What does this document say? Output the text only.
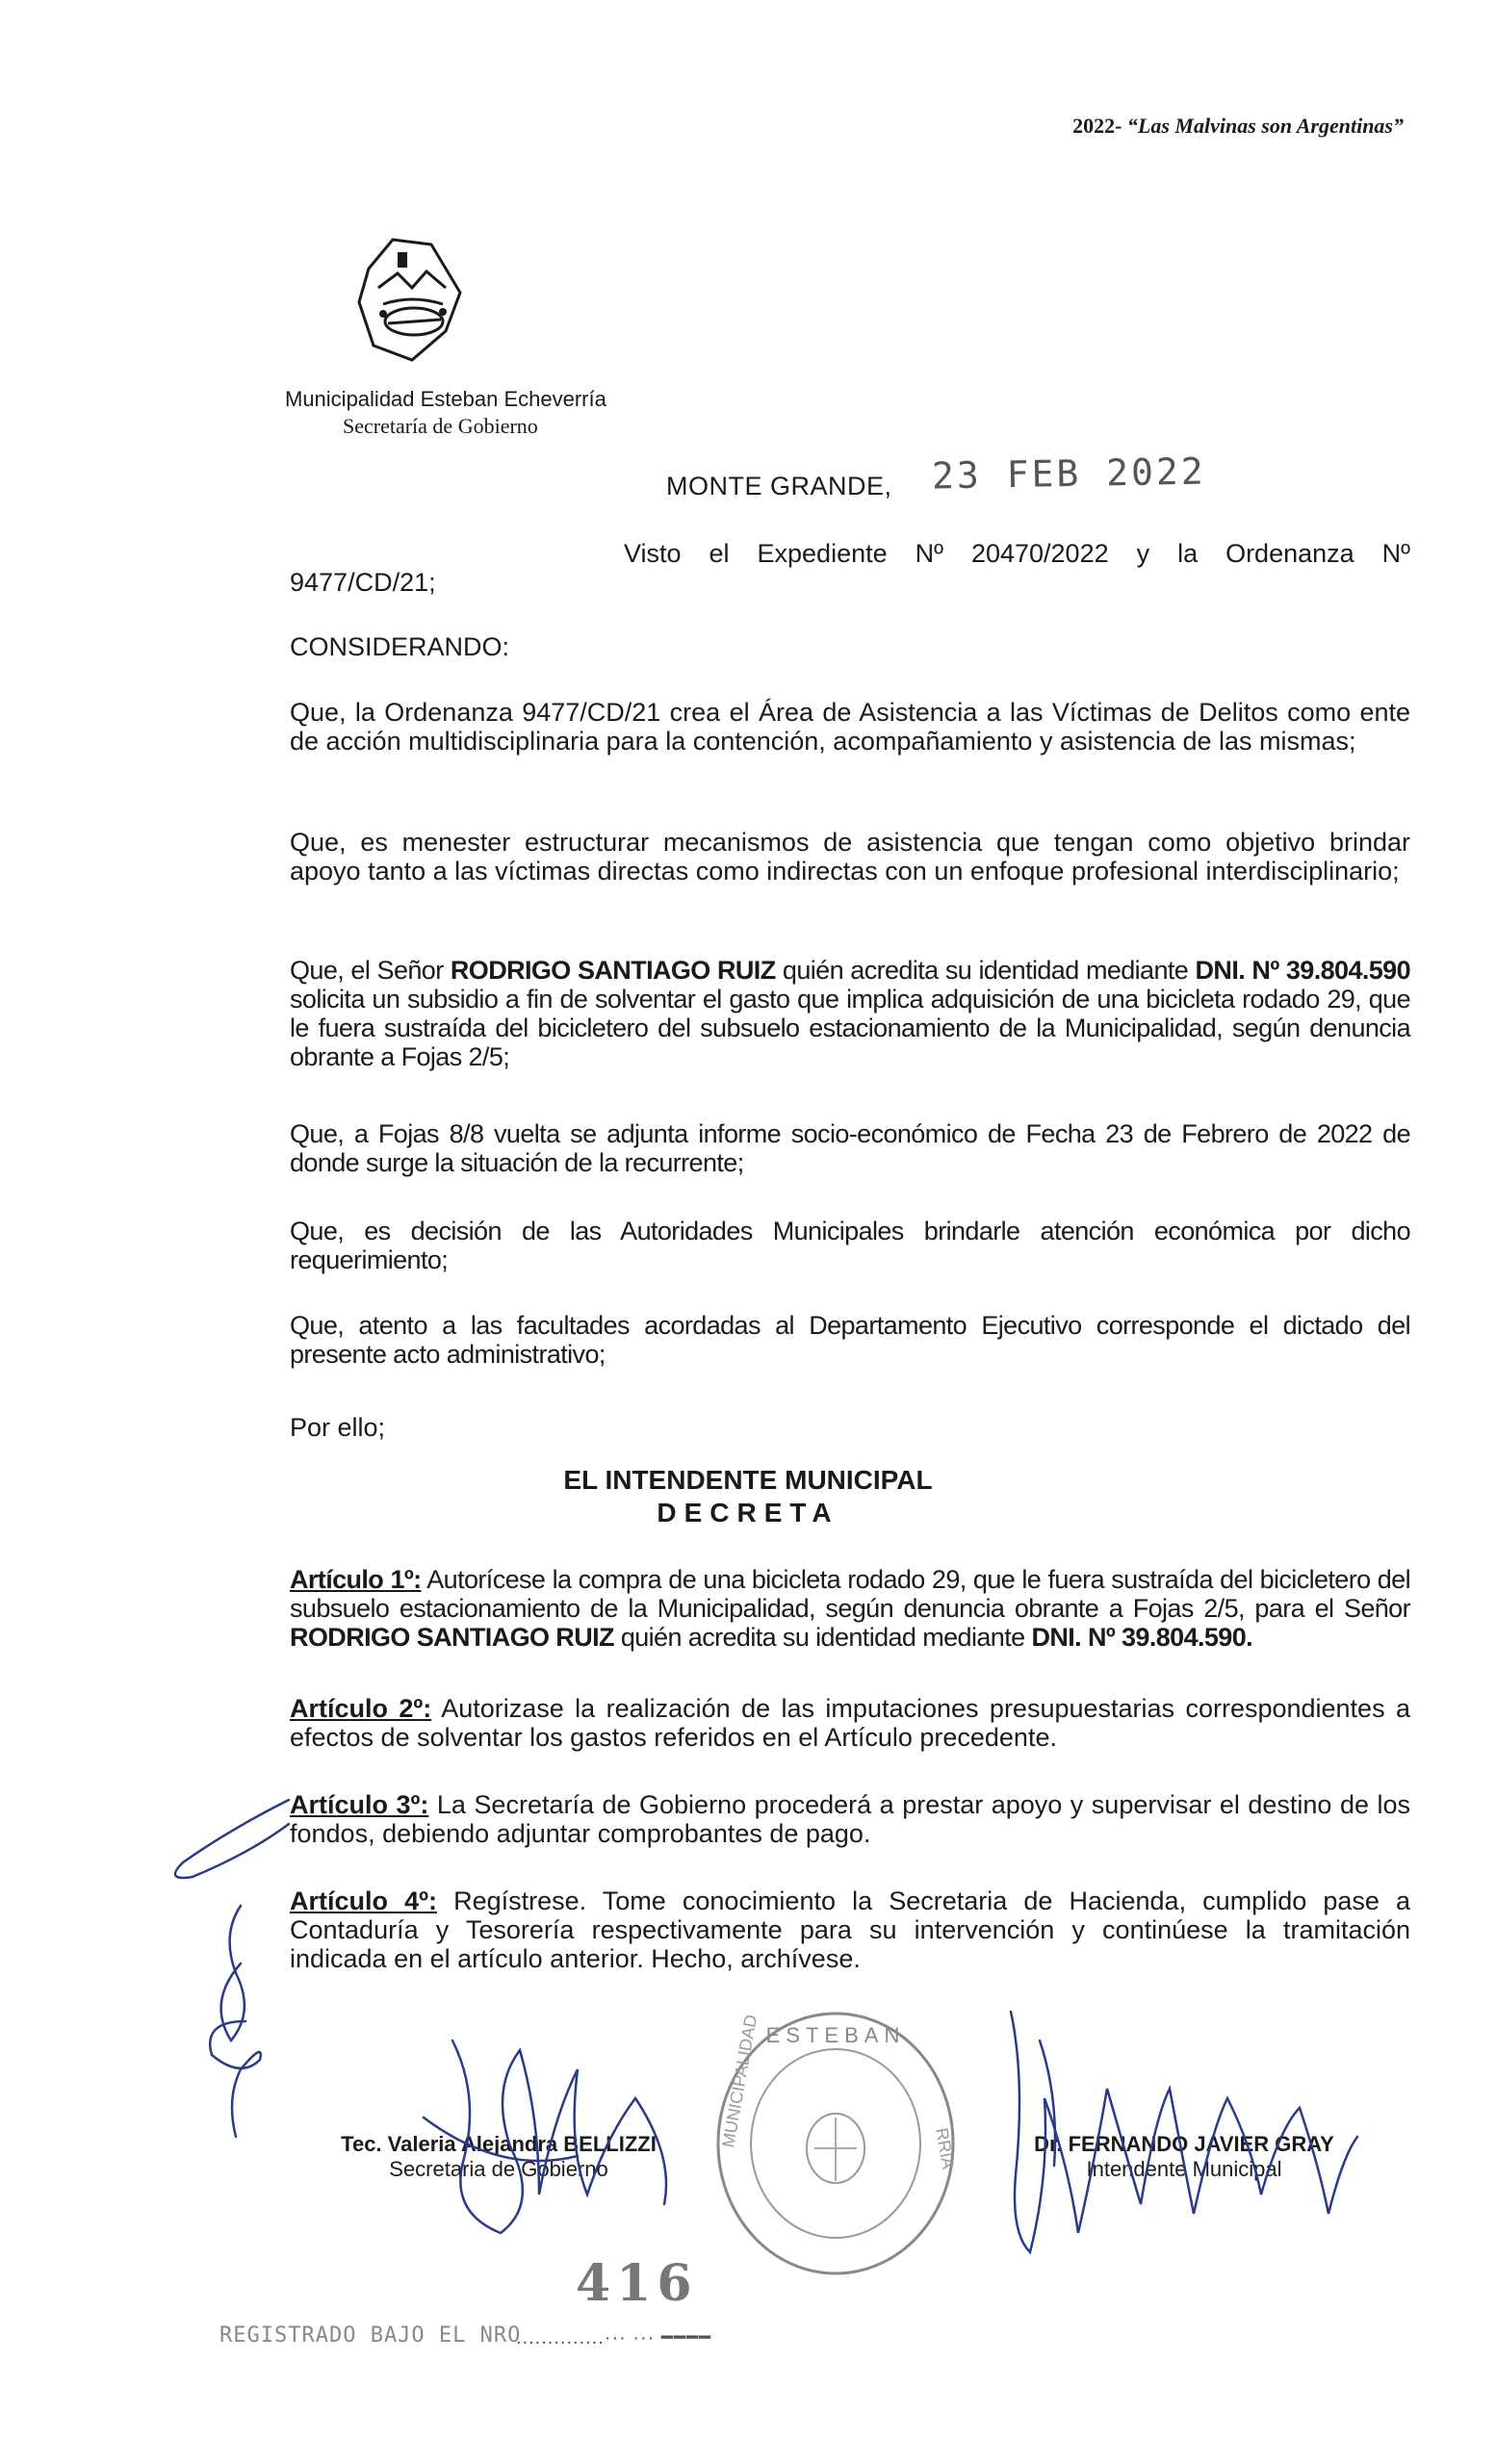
2022- “Las Malvinas son Argentinas”
Municipalidad Esteban Echeverría
Secretaría de Gobierno
MONTE GRANDE, 23 FEB 2022
Visto el Expediente Nº 20470/2022 y la Ordenanza Nº
9477/CD/21;
CONSIDERANDO:
Que, la Ordenanza 9477/CD/21 crea el Área de Asistencia a las Víctimas de Delitos como ente de acción multidisciplinaria para la contención, acompañamiento y asistencia de las mismas;
Que, es menester estructurar mecanismos de asistencia que tengan como objetivo brindar apoyo tanto a las víctimas directas como indirectas con un enfoque profesional interdisciplinario;
Que, el Señor RODRIGO SANTIAGO RUIZ quién acredita su identidad mediante DNI. Nº 39.804.590 solicita un subsidio a fin de solventar el gasto que implica adquisición de una bicicleta rodado 29, que le fuera sustraída del bicicletero del subsuelo estacionamiento de la Municipalidad, según denuncia obrante a Fojas 2/5;
Que, a Fojas 8/8 vuelta se adjunta informe socio-económico de Fecha 23 de Febrero de 2022 de donde surge la situación de la recurrente;
Que, es decisión de las Autoridades Municipales brindarle atención económica por dicho requerimiento;
Que, atento a las facultades acordadas al Departamento Ejecutivo corresponde el dictado del presente acto administrativo;
Por ello;
EL INTENDENTE MUNICIPAL
DECRETA
Artículo 1º: Autorícese la compra de una bicicleta rodado 29, que le fuera sustraída del bicicletero del subsuelo estacionamiento de la Municipalidad, según denuncia obrante a Fojas 2/5, para el Señor RODRIGO SANTIAGO RUIZ quién acredita su identidad mediante DNI. Nº 39.804.590.
Artículo 2º: Autorizase la realización de las imputaciones presupuestarias correspondientes a efectos de solventar los gastos referidos en el Artículo precedente.
Artículo 3º: La Secretaría de Gobierno procederá a prestar apoyo y supervisar el destino de los fondos, debiendo adjuntar comprobantes de pago.
Artículo 4º: Regístrese. Tome conocimiento la Secretaria de Hacienda, cumplido pase a Contaduría y Tesorería respectivamente para su intervención y continúese la tramitación indicada en el artículo anterior. Hecho, archívese.
ESTEBAN
MUNICIPALIDAD	RRIA
Tec. Valeria Alejandra BELLIZZI
Secretaria de Gobierno
Dr. FERNANDO JAVIER GRAY
Intendente Municipal
416
REGISTRADO BAJO EL NRO
..............··· ··· ━━━━
